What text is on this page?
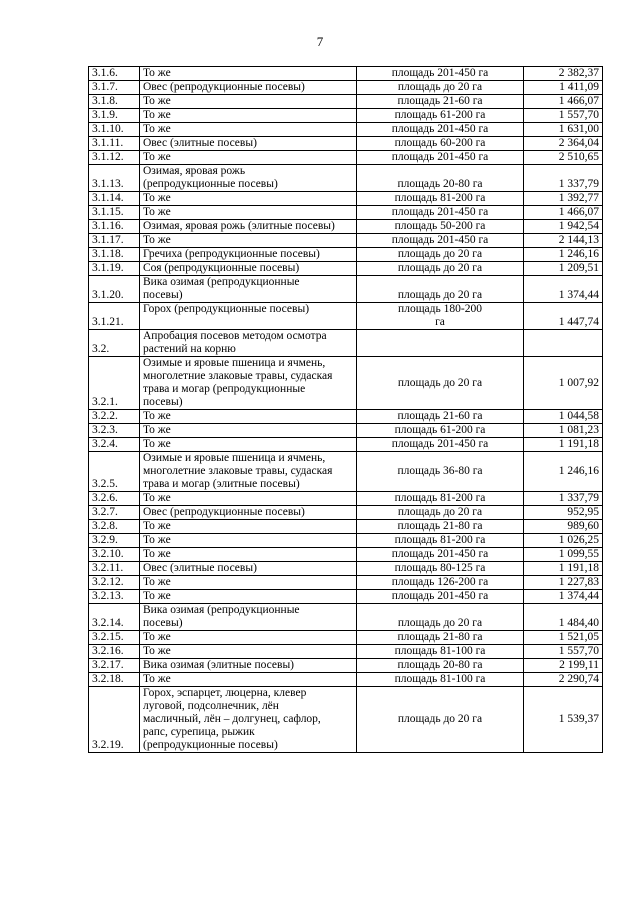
7
3.1.6.	То же	площадь 201-450 га	2 382,37
3.1.7.	Овес (репродукционные посевы)	площадь до 20 га	1 411,09
3.1.8.	То же	площадь 21-60 га	1 466,07
3.1.9.	То же	площадь 61-200 га	1 557,70
3.1.10.	То же	площадь 201-450 га	1 631,00
3.1.11.	Овес (элитные посевы)	площадь 60-200 га	2 364,04
3.1.12.	То же	площадь 201-450 га	2 510,65
3.1.13.	Озимая, яровая рожь
(репродукционные посевы)	площадь 20-80 га	1 337,79
3.1.14.	То же	площадь 81-200 га	1 392,77
3.1.15.	То же	площадь 201-450 га	1 466,07
3.1.16.	Озимая, яровая рожь (элитные посевы)	площадь 50-200 га	1 942,54
3.1.17.	То же	площадь 201-450 га	2 144,13
3.1.18.	Гречиха (репродукционные посевы)	площадь до 20 га	1 246,16
3.1.19.	Соя (репродукционные посевы)	площадь до 20 га	1 209,51
3.1.20.	Вика озимая (репродукционные
посевы)	площадь до 20 га	1 374,44
3.1.21.	Горох (репродукционные посевы)	площадь 180-200
га	1 447,74
3.2.	Апробация посевов методом осмотра
растений на корню		

3.2.1.	Озимые и яровые пшеница и ячмень,
многолетние злаковые травы, судаская
трава и могар (репродукционные
посевы)	площадь до 20 га	1 007,92
3.2.2.	То же	площадь 21-60 га	1 044,58
3.2.3.	То же	площадь 61-200 га	1 081,23
3.2.4.	То же	площадь 201-450 га	1 191,18
3.2.5.	Озимые и яровые пшеница и ячмень,
многолетние злаковые травы, судаская
трава и могар (элитные посевы)	площадь 36-80 га	1 246,16
3.2.6.	То же	площадь 81-200 га	1 337,79
3.2.7.	Овес (репродукционные посевы)	площадь до 20 га	952,95
3.2.8.	То же	площадь 21-80 га	989,60
3.2.9.	То же	площадь 81-200 га	1 026,25
3.2.10.	То же	площадь 201-450 га	1 099,55
3.2.11.	Овес (элитные посевы)	площадь 80-125 га	1 191,18
3.2.12.	То же	площадь 126-200 га	1 227,83
3.2.13.	То же	площадь 201-450 га	1 374,44
3.2.14.	Вика озимая (репродукционные
посевы)	площадь до 20 га	1 484,40
3.2.15.	То же	площадь 21-80 га	1 521,05
3.2.16.	То же	площадь 81-100 га	1 557,70
3.2.17.	Вика озимая (элитные посевы)	площадь 20-80 га	2 199,11
3.2.18.	То же	площадь 81-100 га	2 290,74
3.2.19.	Горох, эспарцет, люцерна, клевер
луговой, подсолнечник, лён
масличный, лён – долгунец, сафлор,
рапс, сурепица, рыжик
(репродукционные посевы)	площадь до 20 га	1 539,37
